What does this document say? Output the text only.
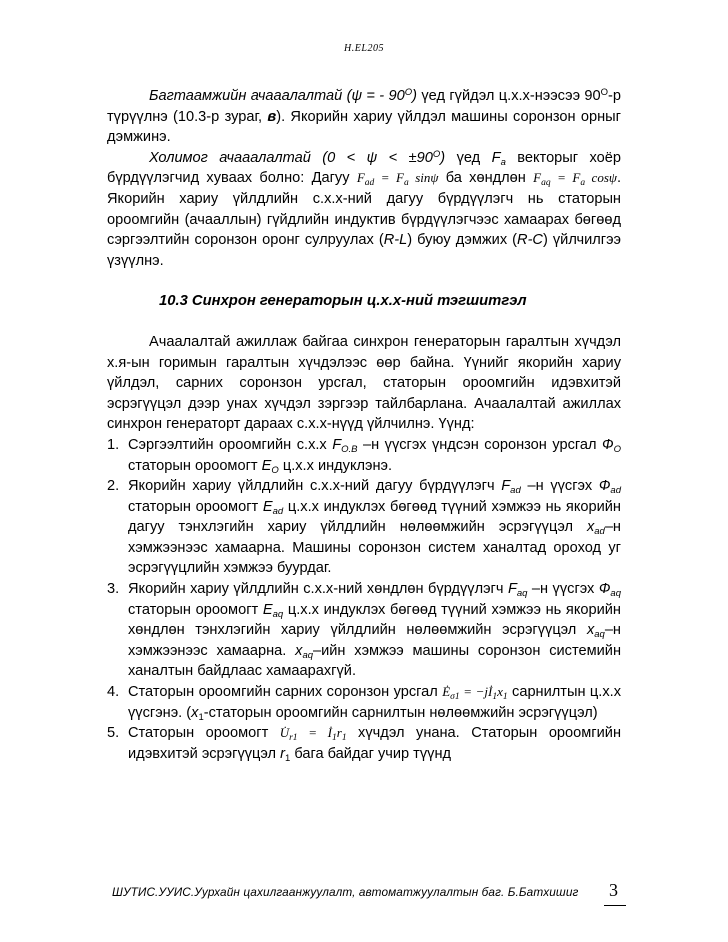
H.EL205

Багтаамжийн ачааалалтай (ψ = - $90^O$) үед гүйдэл ц.х.х-нээсээ $90^O-р$ түрүүлнэ (10.3-р зураг, в). Якорийн хариу үйлдэл машины соронзон орныг дэмжинэ.

Холимог ачааалалтай $(0 < \psi < \pm 90^O)$ үед $F_a$ векторыг хоёр бүрдүүлэгчид хуваах болно: Дагуу $F_{ad} = F_a$ sinψ ба хөндлөн $F_{aq} = F_a$ cosψ. Якорийн хариу үйлдлийн с.х.х-ний дагуу бүрдүүлэгч нь статорын ороомгийн (ачааллын) гүйдлийн индуктив бүрдүүлэгчээс хамаарах бөгөөд сэргээлтийн соронзон оронг сулруулах (R-L) буюу дэмжих (R-C) үйлчилгээ үзүүлнэ.

10.3 Синхрон генераторын ц.х.х-ний тэгшитгэл

Ачаалалтай ажиллаж байгаа синхрон генераторын гаралтын хүчдэл х.я-ын горимын гаралтын хүчдэлээс өөр байна. Үүнийг якорийн хариу үйлдэл, сарних соронзон урсгал, статорын ороомгийн идэвхитэй эсрэгүүцэл дээр унах хүчдэл зэргээр тайлбарлана. Ачаалалтай ажиллах синхрон генераторт дараах с.х.х-нүүд үйлчилнэ. Үүнд:

1. Сэргээлтийн ороомгийн с.х.х $F_{O.B}$ –н үүсгэх үндсэн соронзон урсгал $Ф_O$ статорын ороомогт $E_O$ ц.х.х индуклэнэ.
2. Якорийн хариу үйлдлийн с.х.х-ний дагуу бүрдүүлэгч $F_{ad}$ –н үүсгэх $Ф_{ad}$ статорын ороомогт $E_{ad}$ ц.х.х индуклэх бөгөөд түүний хэмжээ нь якорийн дагуу тэнхлэгийн хариу үйлдлийн нөлөөмжийн эсрэгүүцэл $x_{ad}-н$ хэмжээнээс хамаарна. Машины соронзон систем ханалтад ороход уг эсрэгүүцлийн хэмжээ буурдаг.
3. Якорийн хариу үйлдлийн с.х.х-ний хөндлөн бүрдүүлэгч $F_{aq}$ –н үүсгэх $Ф_{aq}$ статорын ороомогт $E_{aq}$ ц.х.х индуклэх бөгөөд түүний хэмжээ нь якорийн хөндлөн тэнхлэгийн хариу үйлдлийн нөлөөмжийн эсрэгүүцэл $x_{aq}-н$ хэмжээнээс хамаарна. $x_{aq}$–ийн хэмжээ машины соронзон системийн ханалтын байдлаас хамаарахгүй.
4. Статорын ороомгийн сарних соронзон урсгал $Ė_{\sigma 1}$ = $-jİ_1x_1$ сарнилтын ц.х.х үүсгэнэ. ($x_1$-статорын ороомгийн сарнилтын нөлөөмжийн эсрэгүүцэл)
5. Статорын ороомогт $U̇_{r1}$ = $İ_1r_1$ хүчдэл унана. Статорын ороомгийн идэвхитэй эсрэгүүцэл $r_1$ бага байдаг учир түүнд
ШУТИС.УУИС.Уурхайн цахилгаанжуулалт, автоматжуулалтын баг. Б.Батхишиг 3
